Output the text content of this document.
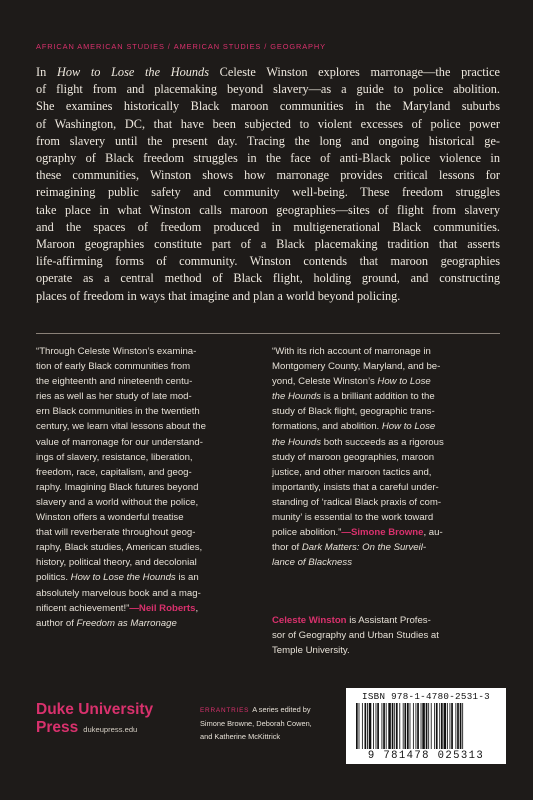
AFRICAN AMERICAN STUDIES / AMERICAN STUDIES / GEOGRAPHY
In How to Lose the Hounds Celeste Winston explores marronage—the practice
of flight from and placemaking beyond slavery—as a guide to police abolition.
She examines historically Black maroon communities in the Maryland suburbs
of Washington, DC, that have been subjected to violent excesses of police power
from slavery until the present day. Tracing the long and ongoing historical ge-
ography of Black freedom struggles in the face of anti-Black police violence in
these communities, Winston shows how marronage provides critical lessons for
reimagining public safety and community well-being. These freedom struggles
take place in what Winston calls maroon geographies—sites of flight from slavery
and the spaces of freedom produced in multigenerational Black communities.
Maroon geographies constitute part of a Black placemaking tradition that asserts
life-affirming forms of community. Winston contends that maroon geographies
operate as a central method of Black flight, holding ground, and constructing
places of freedom in ways that imagine and plan a world beyond policing.
“Through Celeste Winston’s examina-
tion of early Black communities from
the eighteenth and nineteenth centu-
ries as well as her study of late mod-
ern Black communities in the twentieth
century, we learn vital lessons about the
value of marronage for our understand-
ings of slavery, resistance, liberation,
freedom, race, capitalism, and geog-
raphy. Imagining Black futures beyond
slavery and a world without the police,
Winston offers a wonderful treatise
that will reverberate throughout geog-
raphy, Black studies, American studies,
history, political theory, and decolonial
politics. How to Lose the Hounds is an
absolutely marvelous book and a mag-
nificent achievement!”—Neil Roberts,
author of Freedom as Marronage
“With its rich account of marronage in
Montgomery County, Maryland, and be-
yond, Celeste Winston’s How to Lose
the Hounds is a brilliant addition to the
study of Black flight, geographic trans-
formations, and abolition. How to Lose
the Hounds both succeeds as a rigorous
study of maroon geographies, maroon
justice, and other maroon tactics and,
importantly, insists that a careful under-
standing of ‘radical Black praxis of com-
munity’ is essential to the work toward
police abolition.”—Simone Browne, au-
thor of Dark Matters: On the Surveil-
lance of Blackness
Celeste Winston is Assistant Profes-
sor of Geography and Urban Studies at
Temple University.
Duke University
Press dukeupress.edu
ERRANTRIES A series edited by
Simone Browne, Deborah Cowen,
and Katherine McKittrick
ISBN 978-1-4780-2531-3
9 781478 025313
